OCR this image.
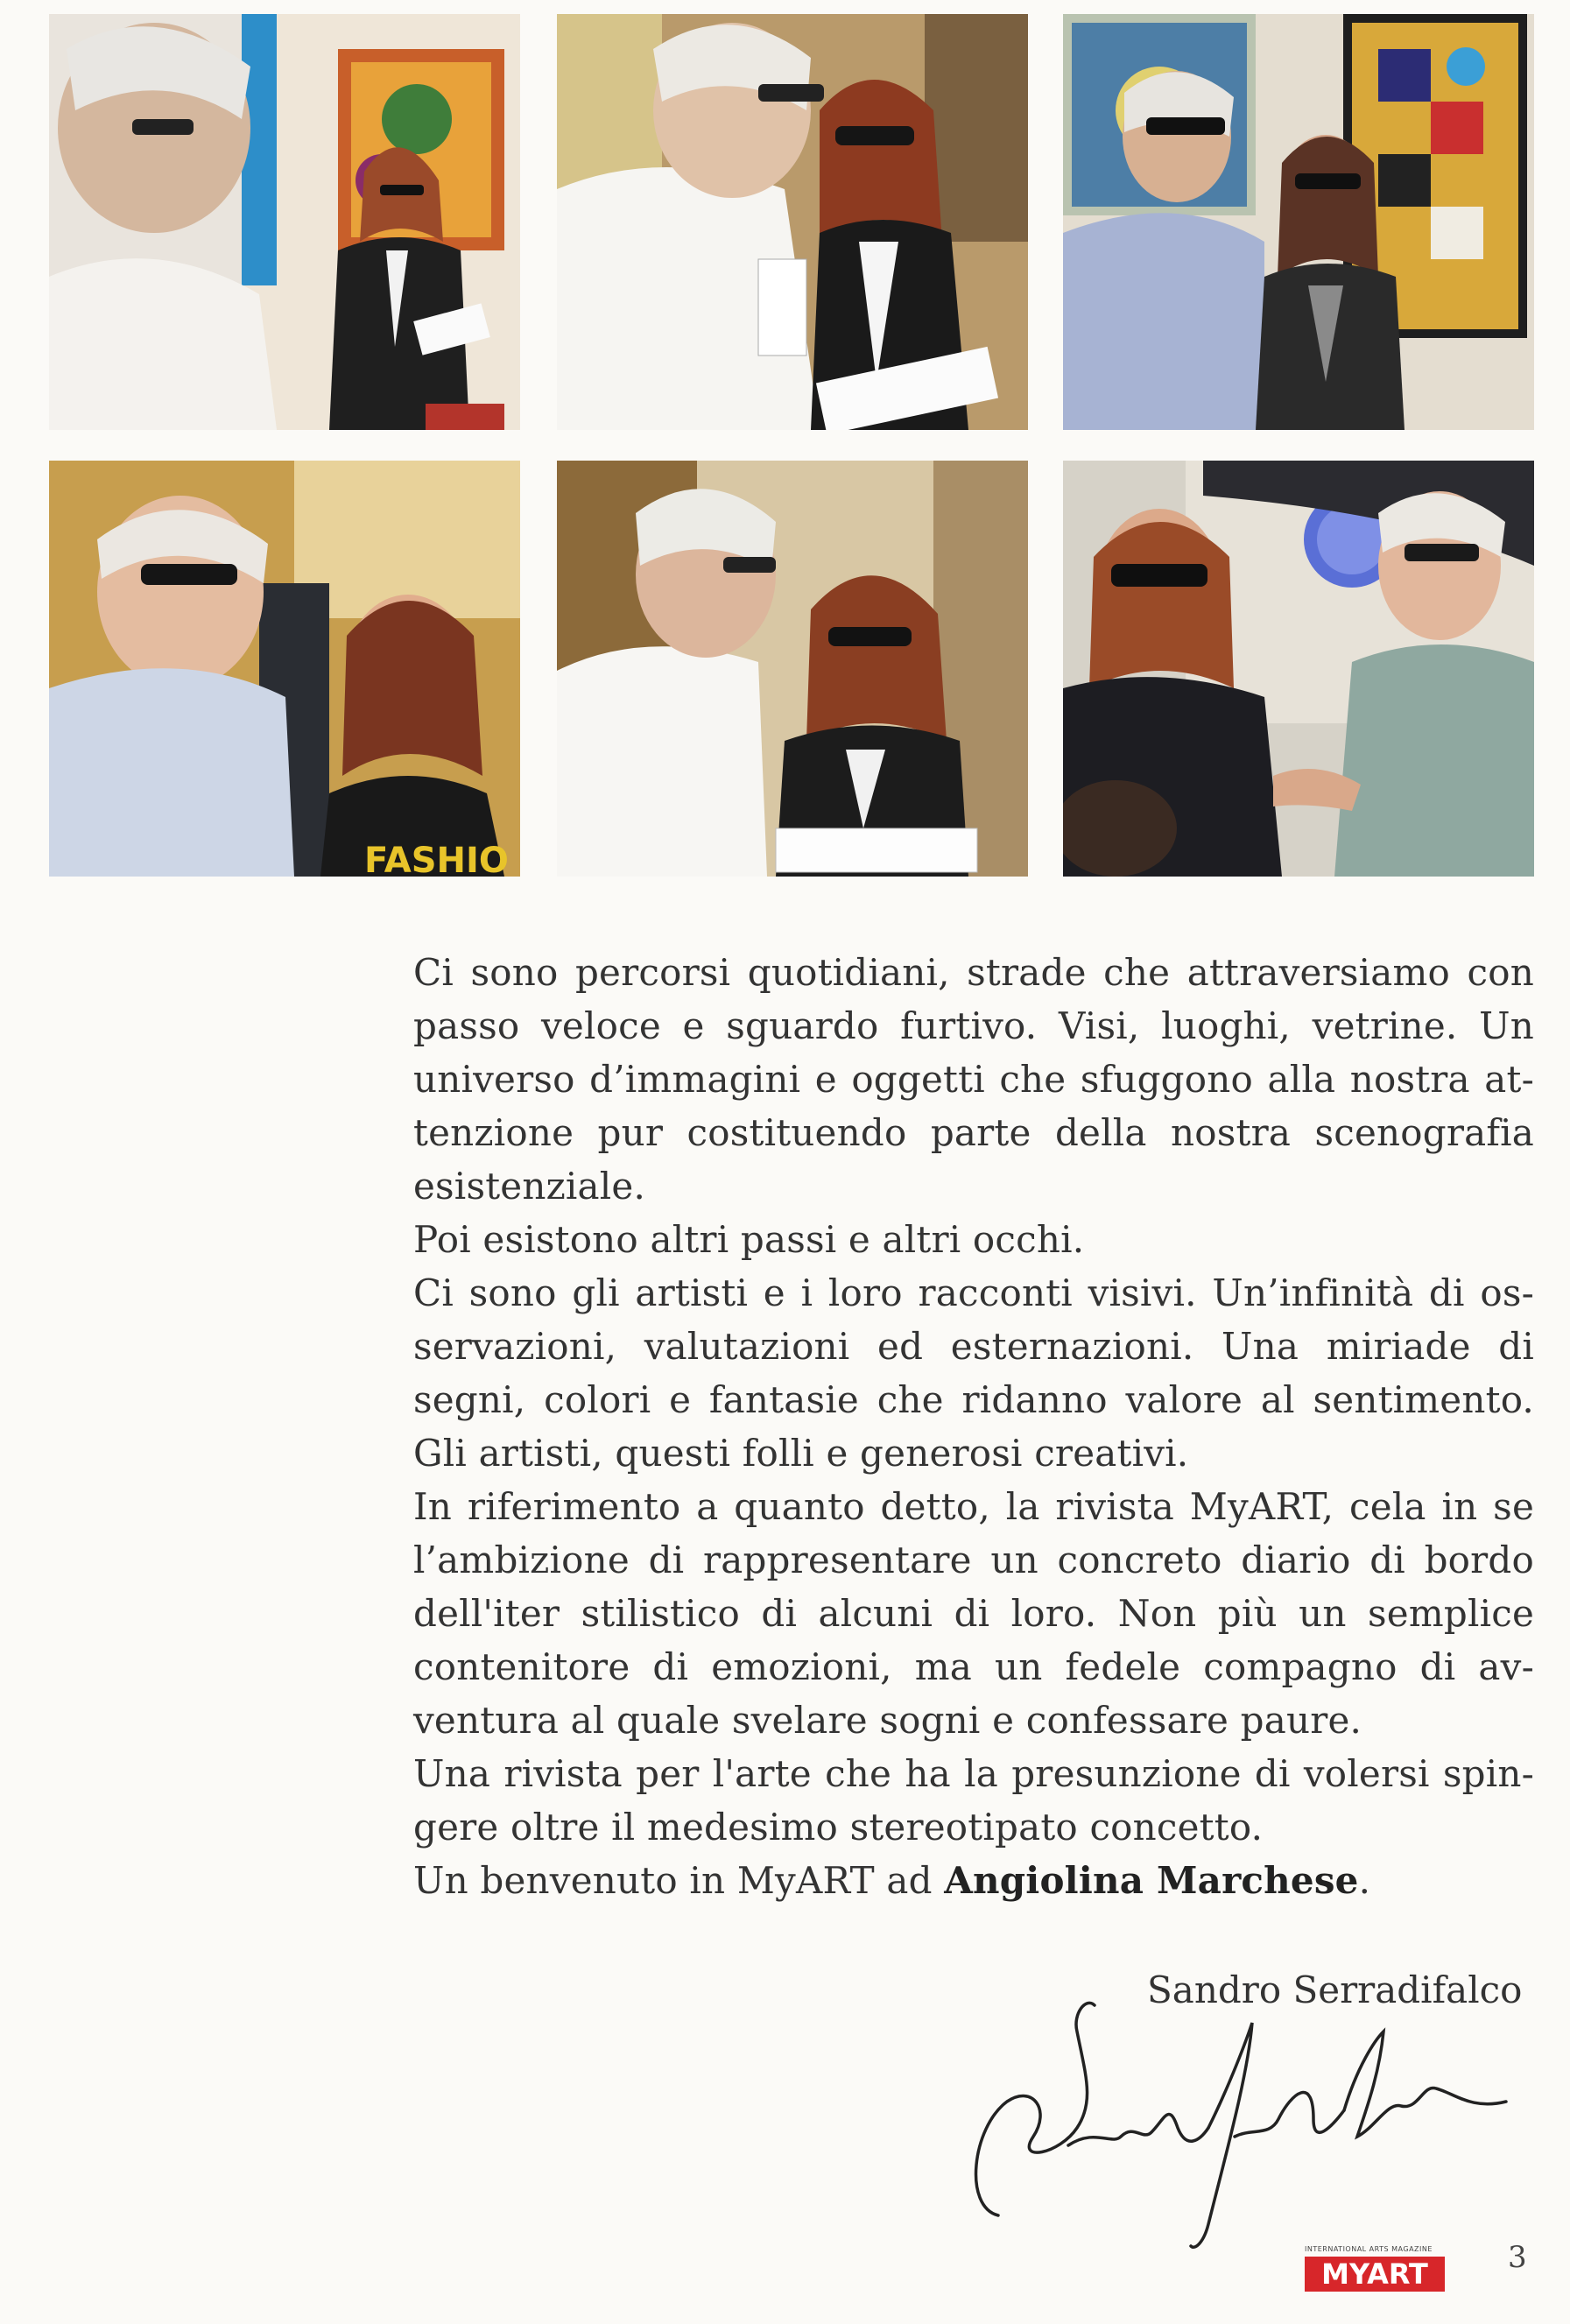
FASHIO
Ci sono percorsi quotidiani, strade che attraversiamo con
passo veloce e sguardo furtivo. Visi, luoghi, vetrine. Un
universo d’immagini e oggetti che sfuggono alla nostra at-
tenzione pur costituendo parte della nostra scenografia
esistenziale.
Poi esistono altri passi e altri occhi.
Ci sono gli artisti e i loro racconti visivi. Un’infinità di os-
servazioni, valutazioni ed esternazioni. Una miriade di
segni, colori e fantasie che ridanno valore al sentimento.
Gli artisti, questi folli e generosi creativi.
In riferimento a quanto detto, la rivista MyART, cela in se
l’ambizione di rappresentare un concreto diario di bordo
dell'iter stilistico di alcuni di loro. Non più un semplice
contenitore di emozioni, ma un fedele compagno di av-
ventura al quale svelare sogni e confessare paure.
Una rivista per l'arte che ha la presunzione di volersi spin-
gere oltre il medesimo stereotipato concetto.
Un benvenuto in MyART ad Angiolina Marchese.
Sandro Serradifalco
INTERNATIONAL ARTS MAGAZINE
MYART	3
